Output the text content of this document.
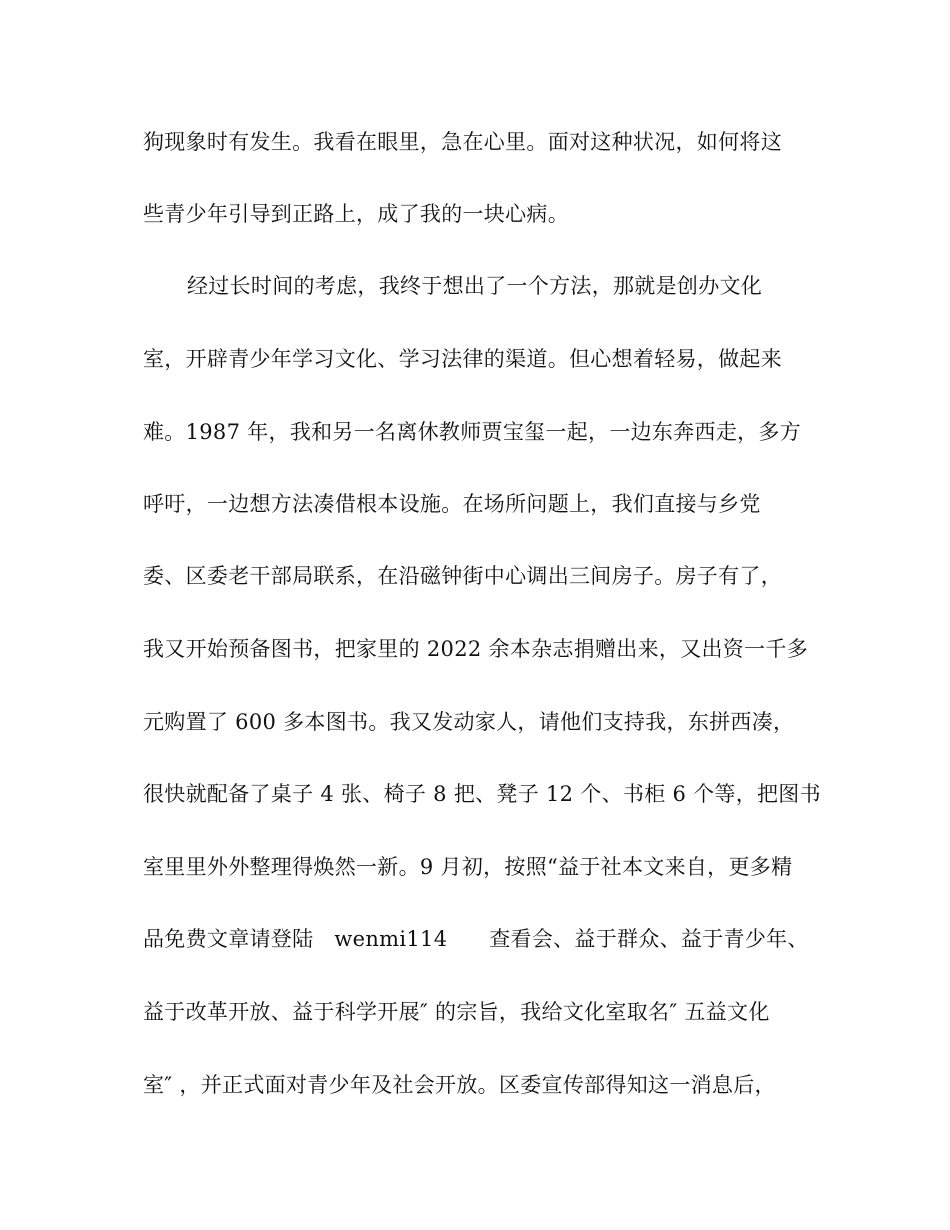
狗现象时有发生。我看在眼里，急在心里。面对这种状况，如何将这
些青少年引导到正路上，成了我的一块心病。
经过长时间的考虑，我终于想出了一个方法，那就是创办文化
室，开辟青少年学习文化、学习法律的渠道。但心想着轻易，做起来
难。1987 年，我和另一名离休教师贾宝玺一起，一边东奔西走，多方
呼吁，一边想方法凑借根本设施。在场所问题上，我们直接与乡党
委、区委老干部局联系，在沿磁钟街中心调出三间房子。房子有了，
我又开始预备图书，把家里的 2022 余本杂志捐赠出来，又出资一千多
元购置了 600 多本图书。我又发动家人，请他们支持我，东拼西凑，
很快就配备了桌子 4 张、椅子 8 把、凳子 12 个、书柜 6 个等，把图书
室里里外外整理得焕然一新。9 月初，按照“益于社本文来自，更多精
品免费文章请登陆   wenmi114      查看会、益于群众、益于青少年、
益于改革开放、益于科学开展″ 的宗旨，我给文化室取名″ 五益文化
室″ ，并正式面对青少年及社会开放。区委宣传部得知这一消息后，
